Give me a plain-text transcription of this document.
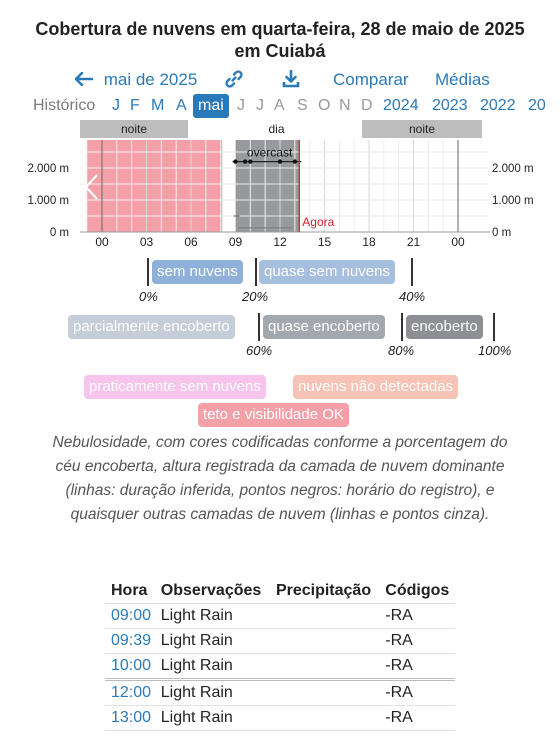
Cobertura de nuvens em quarta-feira, 28 de maio de 2025 em Cuiabá
mai de 2025	Comparar Médias
Histórico J F M A mai J J A S O N D 2024 2023 2022 20
noite	dia	noite
overcast
Agora
00	03	06	09	12	15	18	21	00
0 m	0 m
1.000 m	1.000 m
2.000 m	2.000 m
sem nuvens	quase sem nuvens
0%	20%	40%
parcialmente encoberto	quase encoberto	encoberto
60%	80%	100%
praticamente sem nuvens	nuvens não detectadas
teto e visibilidade OK
Nebulosidade, com cores codificadas conforme a porcentagem do céu encoberta, altura registrada da camada de nuvem dominante (linhas: duração inferida, pontos negros: horário do registro), e quaisquer outras camadas de nuvem (linhas e pontos cinza).
Hora	Observações	Precipitação	Códigos
09:00	Light Rain		-RA
09:39	Light Rain		-RA
10:00	Light Rain		-RA
12:00	Light Rain		-RA
13:00	Light Rain		-RA
